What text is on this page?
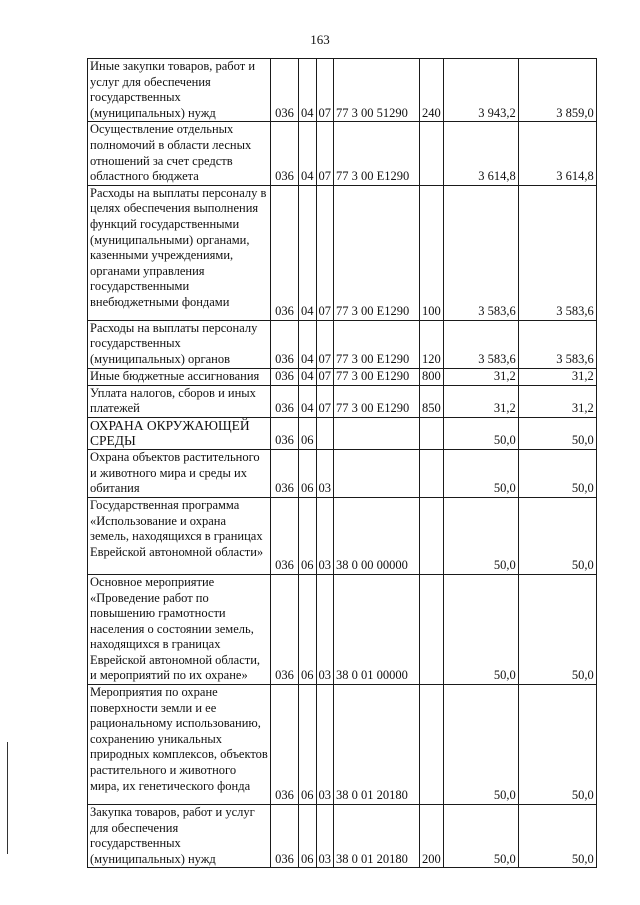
163
Иные закупки товаров, работ и услуг для обеспечения государственных (муниципальных) нужд	036	04	07	77 3 00 51290	240	3 943,2	3 859,0
Осуществление отдельных полномочий в области лесных отношений за счет средств областного бюджета	036	04	07	77 3 00 Е1290		3 614,8	3 614,8
Расходы на выплаты персоналу в целях обеспечения выполнения функций государственными (муниципальными) органами, казенными учреждениями, органами управления государственными внебюджетными фондами	036	04	07	77 3 00 Е1290	100	3 583,6	3 583,6
Расходы на выплаты персоналу государственных (муниципальных) органов	036	04	07	77 3 00 Е1290	120	3 583,6	3 583,6
Иные бюджетные ассигнования	036	04	07	77 3 00 Е1290	800	31,2	31,2
Уплата налогов, сборов и иных платежей	036	04	07	77 3 00 Е1290	850	31,2	31,2
ОХРАНА ОКРУЖАЮЩЕЙ СРЕДЫ	036	06				50,0	50,0
Охрана объектов растительного и животного мира и среды их обитания	036	06	03			50,0	50,0
Государственная программа «Использование и охрана земель, находящихся в границах Еврейской автономной области»	036	06	03	38 0 00 00000		50,0	50,0
Основное мероприятие «Проведение работ по повышению грамотности населения о состоянии земель, находящихся в границах Еврейской автономной области, и мероприятий по их охране»	036	06	03	38 0 01 00000		50,0	50,0
Мероприятия по охране поверхности земли и ее рациональному использованию, сохранению уникальных природных комплексов, объектов растительного и животного мира, их генетического фонда	036	06	03	38 0 01 20180		50,0	50,0
Закупка товаров, работ и услуг для обеспечения государственных (муниципальных) нужд	036	06	03	38 0 01 20180	200	50,0	50,0
